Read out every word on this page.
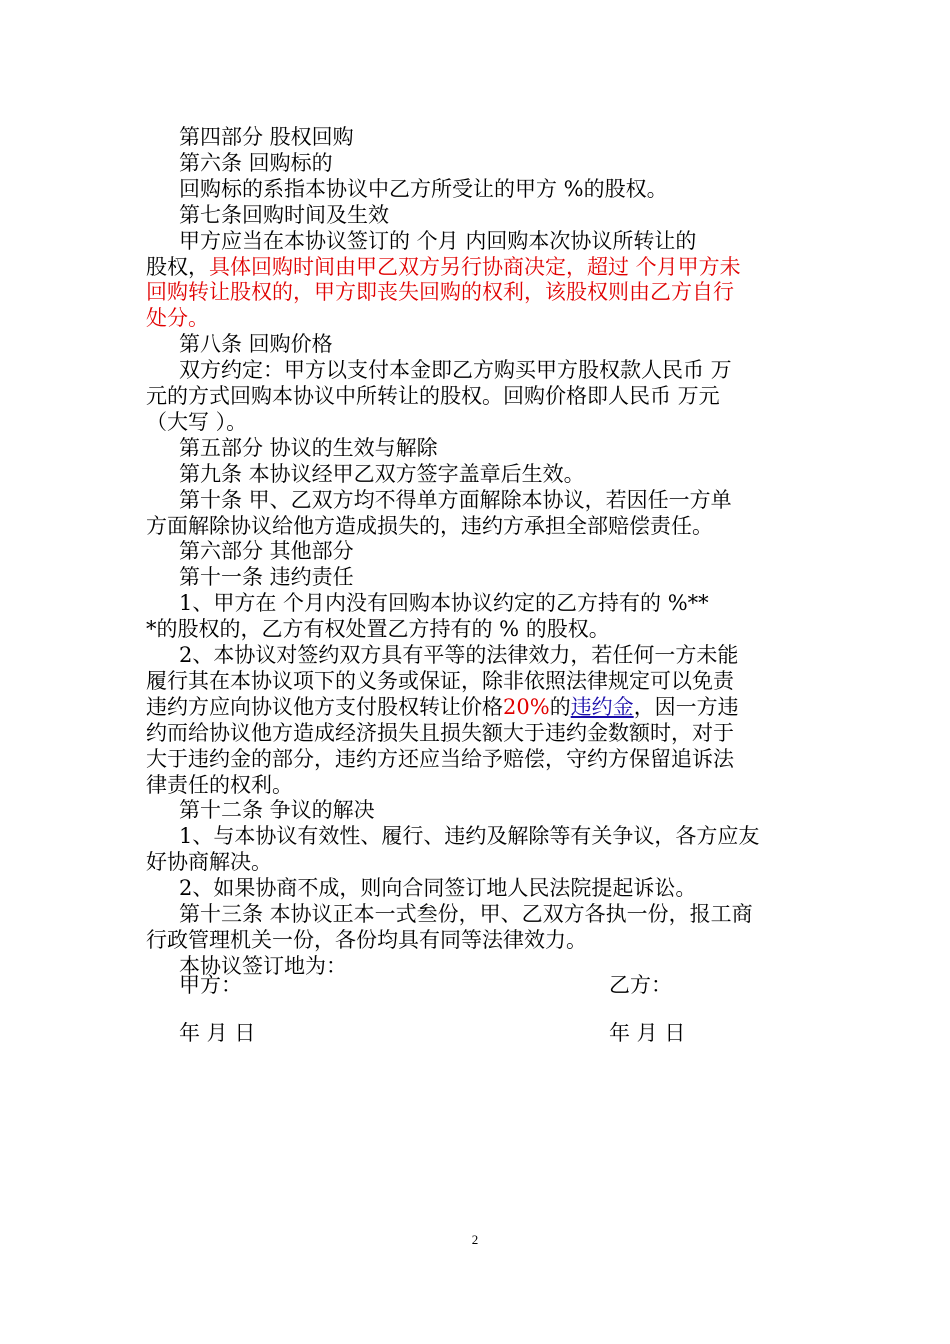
第四部分 股权回购
第六条 回购标的
回购标的系指本协议中乙方所受让的甲方 %的股权。
第七条回购时间及生效
甲方应当在本协议签订的 个月 内回购本次协议所转让的
股权，具体回购时间由甲乙双方另行协商决定，超过 个月甲方未
回购转让股权的，甲方即丧失回购的权利，该股权则由乙方自行
处分。
第八条 回购价格
双方约定：甲方以支付本金即乙方购买甲方股权款人民币 万
元的方式回购本协议中所转让的股权。回购价格即人民币 万元
（大写 ）。
第五部分 协议的生效与解除
第九条 本协议经甲乙双方签字盖章后生效。
第十条 甲、乙双方均不得单方面解除本协议，若因任一方单
方面解除协议给他方造成损失的，违约方承担全部赔偿责任。
第六部分 其他部分
第十一条 违约责任
1、甲方在 个月内没有回购本协议约定的乙方持有的 %**
*的股权的，乙方有权处置乙方持有的 % 的股权。
2、本协议对签约双方具有平等的法律效力，若任何一方未能
履行其在本协议项下的义务或保证，除非依照法律规定可以免责
违约方应向协议他方支付股权转让价格20%的违约金，因一方违
约而给协议他方造成经济损失且损失额大于违约金数额时，对于
大于违约金的部分，违约方还应当给予赔偿，守约方保留追诉法
律责任的权利。
第十二条 争议的解决
1、与本协议有效性、履行、违约及解除等有关争议，各方应友
好协商解决。
2、如果协商不成，则向合同签订地人民法院提起诉讼。
第十三条 本协议正本一式叁份，甲、乙双方各执一份，报工商
行政管理机关一份，各份均具有同等法律效力。
本协议签订地为：
甲方：	乙方：
年 月 日	年 月 日
2
